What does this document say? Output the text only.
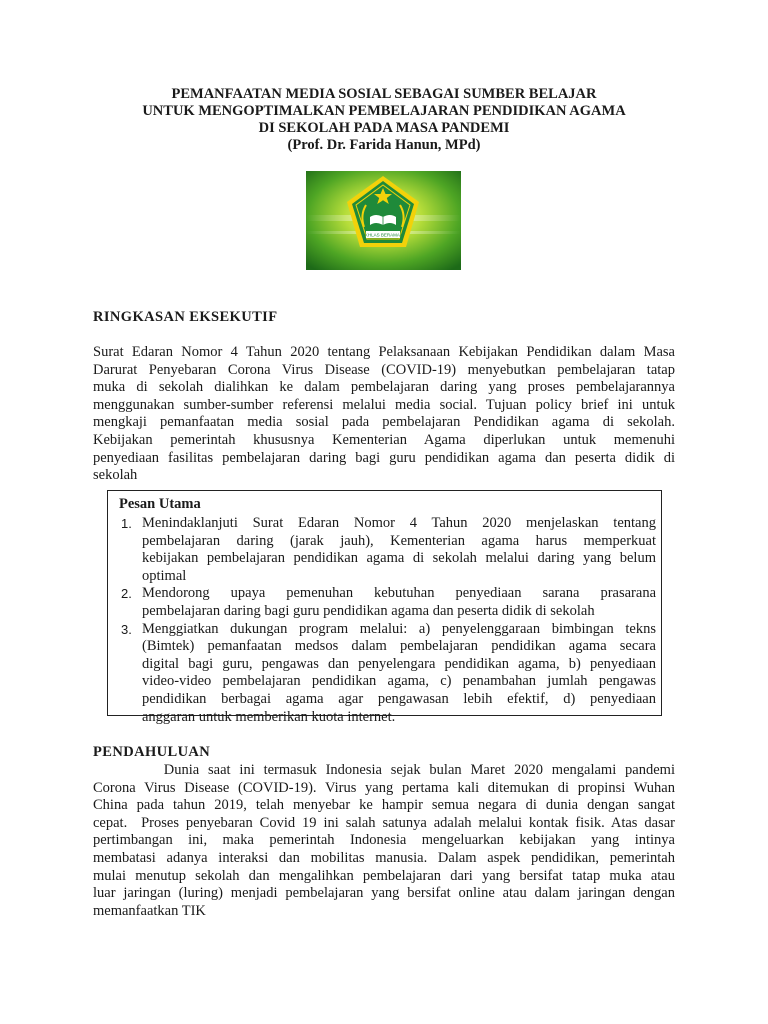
PEMANFAATAN MEDIA SOSIAL SEBAGAI SUMBER BELAJAR
UNTUK MENGOPTIMALKAN PEMBELAJARAN PENDIDIKAN AGAMA
DI SEKOLAH PADA MASA PANDEMI
(Prof. Dr. Farida Hanun, MPd)
IKHLAS BERAMAL
RINGKASAN EKSEKUTIF
Surat Edaran Nomor 4 Tahun 2020 tentang Pelaksanaan Kebijakan Pendidikan dalam Masa
Darurat Penyebaran Corona Virus Disease (COVID-19) menyebutkan pembelajaran tatap
muka di sekolah dialihkan ke dalam pembelajaran daring yang proses pembelajarannya
menggunakan sumber-sumber referensi melalui media social. Tujuan policy brief ini untuk
mengkaji pemanfaatan media sosial pada pembelajaran Pendidikan agama di sekolah.
Kebijakan pemerintah khususnya Kementerian Agama diperlukan untuk memenuhi
penyediaan fasilitas pembelajaran daring bagi guru pendidikan agama dan peserta didik di
sekolah
Pesan Utama
1. Menindaklanjuti Surat Edaran Nomor 4 Tahun 2020 menjelaskan tentang
pembelajaran daring (jarak jauh), Kementerian agama harus memperkuat
kebijakan pembelajaran pendidikan agama di sekolah melalui daring yang belum
optimal
2. Mendorong upaya pemenuhan kebutuhan penyediaan sarana prasarana
pembelajaran daring bagi guru pendidikan agama dan peserta didik di sekolah
3. Menggiatkan dukungan program melalui: a) penyelenggaraan bimbingan tekns
(Bimtek) pemanfaatan medsos dalam pembelajaran pendidikan agama secara
digital bagi guru, pengawas dan penyelengara pendidikan agama, b) penyediaan
video-video pembelajaran pendidikan agama, c) penambahan jumlah pengawas
pendidikan berbagai agama agar pengawasan lebih efektif, d) penyediaan
anggaran untuk memberikan kuota internet.
PENDAHULUAN
Dunia saat ini termasuk Indonesia sejak bulan Maret 2020 mengalami pandemi
Corona Virus Disease (COVID-19). Virus yang pertama kali ditemukan di propinsi Wuhan
China pada tahun 2019, telah menyebar ke hampir semua negara di dunia dengan sangat
cepat.  Proses penyebaran Covid 19 ini salah satunya adalah melalui kontak fisik. Atas dasar
pertimbangan ini, maka pemerintah Indonesia mengeluarkan kebijakan yang intinya
membatasi adanya interaksi dan mobilitas manusia. Dalam aspek pendidikan, pemerintah
mulai menutup sekolah dan mengalihkan pembelajaran dari yang bersifat tatap muka atau
luar jaringan (luring) menjadi pembelajaran yang bersifat online atau dalam jaringan dengan
memanfaatkan TIK
